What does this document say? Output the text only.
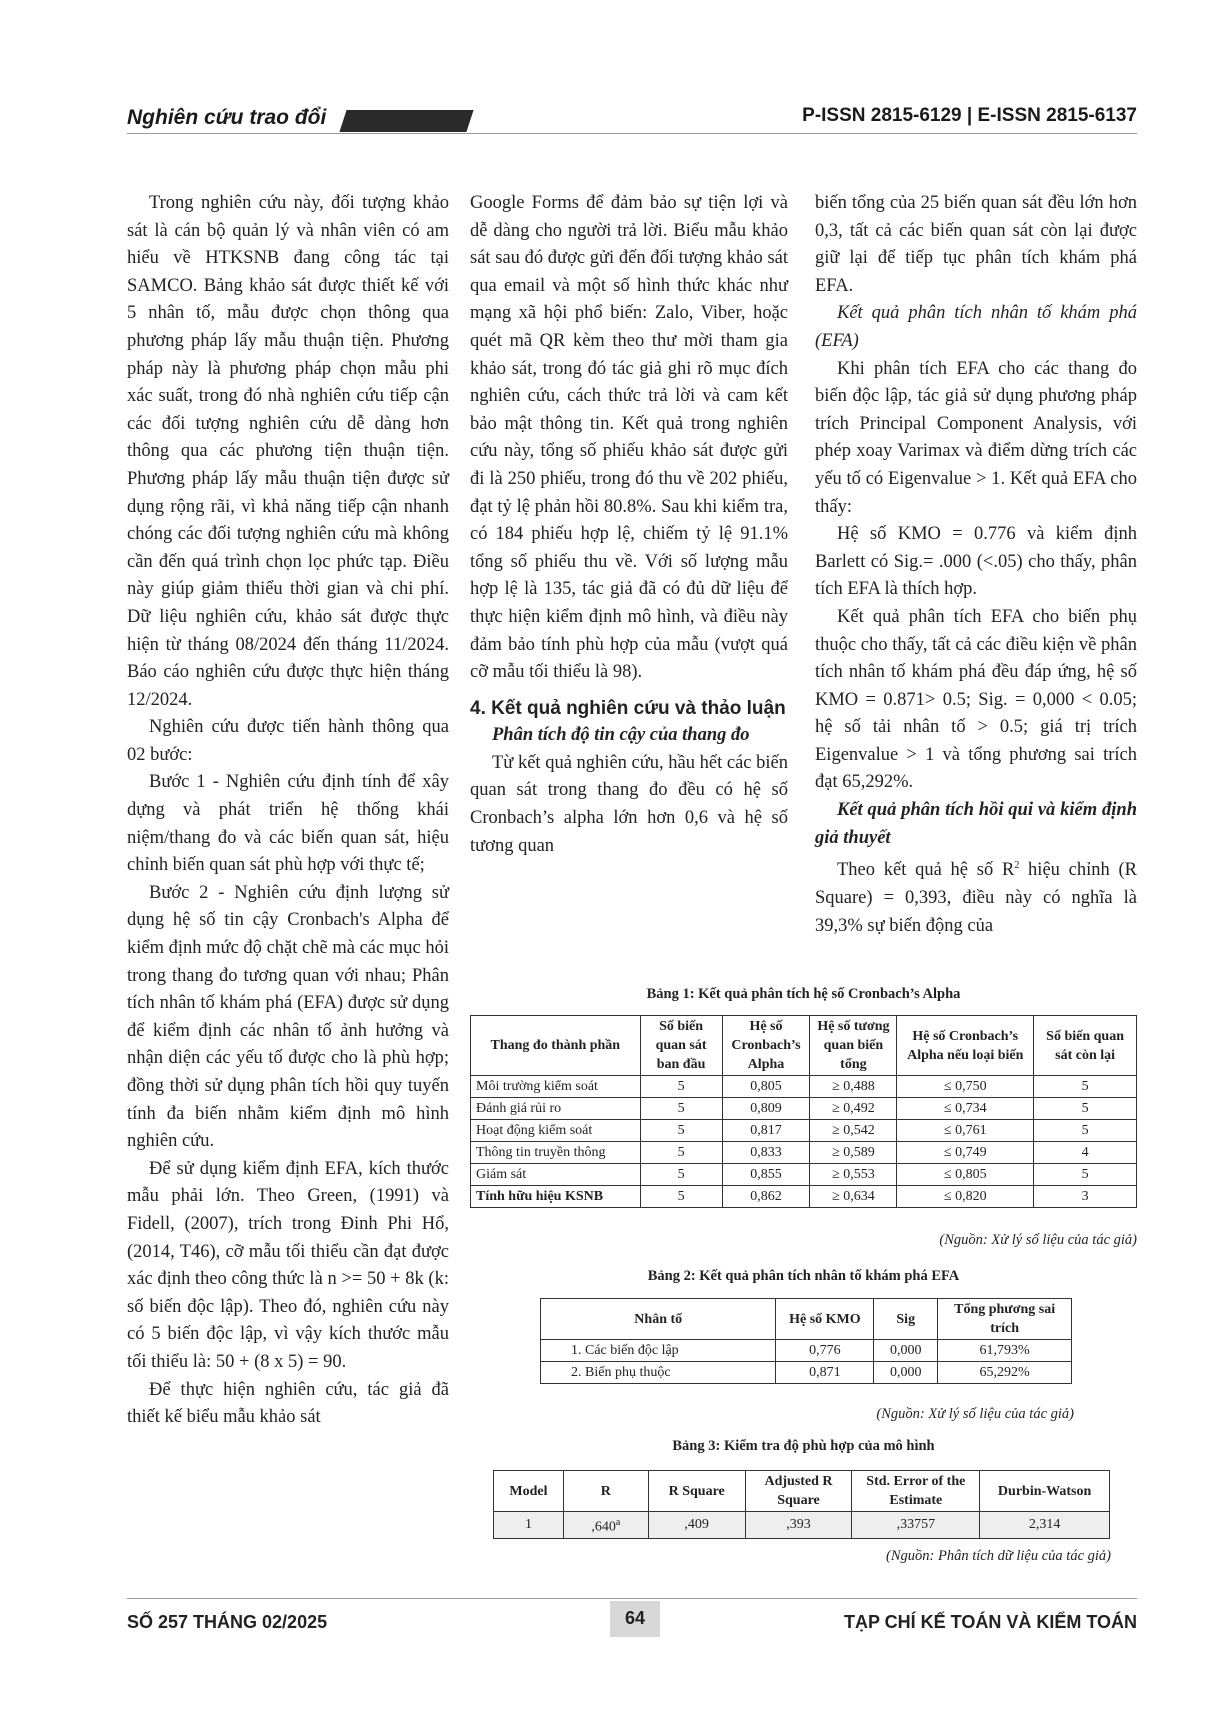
Nghiên cứu trao đổi	P-ISSN 2815-6129 | E-ISSN 2815-6137

Trong nghiên cứu này, đối tượng khảo sát là cán bộ quản lý và nhân viên có am hiểu về HTKSNB đang công tác tại SAMCO. Bảng khảo sát được thiết kế với 5 nhân tố, mẫu được chọn thông qua phương pháp lấy mẫu thuận tiện. Phương pháp này là phương pháp chọn mẫu phi xác suất, trong đó nhà nghiên cứu tiếp cận các đối tượng nghiên cứu dễ dàng hơn thông qua các phương tiện thuận tiện. Phương pháp lấy mẫu thuận tiện được sử dụng rộng rãi, vì khả năng tiếp cận nhanh chóng các đối tượng nghiên cứu mà không cần đến quá trình chọn lọc phức tạp. Điều này giúp giảm thiểu thời gian và chi phí. Dữ liệu nghiên cứu, khảo sát được thực hiện từ tháng 08/2024 đến tháng 11/2024. Báo cáo nghiên cứu được thực hiện tháng 12/2024.

Nghiên cứu được tiến hành thông qua 02 bước:

Bước 1 - Nghiên cứu định tính để xây dựng và phát triển hệ thống khái niệm/thang đo và các biến quan sát, hiệu chỉnh biến quan sát phù hợp với thực tế;

Bước 2 - Nghiên cứu định lượng sử dụng hệ số tin cậy Cronbach's Alpha để kiểm định mức độ chặt chẽ mà các mục hỏi trong thang đo tương quan với nhau; Phân tích nhân tố khám phá (EFA) được sử dụng để kiểm định các nhân tố ảnh hưởng và nhận diện các yếu tố được cho là phù hợp; đồng thời sử dụng phân tích hồi quy tuyến tính đa biến nhằm kiểm định mô hình nghiên cứu.

Để sử dụng kiểm định EFA, kích thước mẫu phải lớn. Theo Green, (1991) và Fidell, (2007), trích trong Đinh Phi Hổ, (2014, T46), cỡ mẫu tối thiểu cần đạt được xác định theo công thức là n >= 50 + 8k (k: số biến độc lập). Theo đó, nghiên cứu này có 5 biến độc lập, vì vậy kích thước mẫu tối thiểu là: 50 + (8 x 5) = 90.

Để thực hiện nghiên cứu, tác giả đã thiết kế biểu mẫu khảo sát

Google Forms để đảm bảo sự tiện lợi và dễ dàng cho người trả lời. Biểu mẫu khảo sát sau đó được gửi đến đối tượng khảo sát qua email và một số hình thức khác như mạng xã hội phổ biến: Zalo, Viber, hoặc quét mã QR kèm theo thư mời tham gia khảo sát, trong đó tác giả ghi rõ mục đích nghiên cứu, cách thức trả lời và cam kết bảo mật thông tin. Kết quả trong nghiên cứu này, tổng số phiếu khảo sát được gửi đi là 250 phiếu, trong đó thu về 202 phiếu, đạt tỷ lệ phản hồi 80.8%. Sau khi kiểm tra, có 184 phiếu hợp lệ, chiếm tỷ lệ 91.1% tổng số phiếu thu về. Với số lượng mẫu hợp lệ là 135, tác giả đã có đủ dữ liệu để thực hiện kiểm định mô hình, và điều này đảm bảo tính phù hợp của mẫu (vượt quá cỡ mẫu tối thiểu là 98).

4. Kết quả nghiên cứu và thảo luận

Phân tích độ tin cậy của thang đo

Từ kết quả nghiên cứu, hầu hết các biến quan sát trong thang đo đều có hệ số Cronbach’s alpha lớn hơn 0,6 và hệ số tương quan

biến tổng của 25 biến quan sát đều lớn hơn 0,3, tất cả các biến quan sát còn lại được giữ lại để tiếp tục phân tích khám phá EFA.

Kết quả phân tích nhân tố khám phá (EFA)

Khi phân tích EFA cho các thang đo biến độc lập, tác giả sử dụng phương pháp trích Principal Component Analysis, với phép xoay Varimax và điểm dừng trích các yếu tố có Eigenvalue > 1. Kết quả EFA cho thấy:

Hệ số KMO = 0.776 và kiểm định Barlett có Sig.= .000 (<.05) cho thấy, phân tích EFA là thích hợp.

Kết quả phân tích EFA cho biến phụ thuộc cho thấy, tất cả các điều kiện về phân tích nhân tố khám phá đều đáp ứng, hệ số KMO = 0.871> 0.5; Sig. = 0,000 < 0.05; hệ số tải nhân tố > 0.5; giá trị trích Eigenvalue > 1 và tổng phương sai trích đạt 65,292%.

Kết quả phân tích hồi qui và kiểm định giả thuyết

Theo kết quả hệ số $R^2$ hiệu chỉnh (R Square) = 0,393, điều này có nghĩa là 39,3% sự biến động của

Bảng 1: Kết quả phân tích hệ số Cronbach’s Alpha
Thang đo thành phần	Số biến quan sát ban đầu	Hệ số Cronbach’s Alpha	Hệ số tương quan biến tổng	Hệ số Cronbach’s Alpha nếu loại biến	Số biến quan sát còn lại
Môi trường kiểm soát	5	0,805	≥ 0,488	≤ 0,750	5
Đánh giá rủi ro	5	0,809	≥ 0,492	≤ 0,734	5
Hoạt động kiểm soát	5	0,817	≥ 0,542	≤ 0,761	5
Thông tin truyền thông	5	0,833	≥ 0,589	≤ 0,749	4
Giám sát	5	0,855	≥ 0,553	≤ 0,805	5
Tính hữu hiệu KSNB	5	0,862	≥ 0,634	≤ 0,820	3
(Nguồn: Xử lý số liệu của tác giả)
Bảng 2: Kết quả phân tích nhân tố khám phá EFA
Nhân tố	Hệ số KMO	Sig	Tổng phương sai trích
1. Các biến độc lập	0,776	0,000	61,793%
2. Biến phụ thuộc	0,871	0,000	65,292%
(Nguồn: Xử lý số liệu của tác giả)
Bảng 3: Kiểm tra độ phù hợp của mô hình
Model	R	R Square	Adjusted R Square	Std. Error of the Estimate	Durbin-Watson
1	,640$^a$	,409	,393	,33757	2,314
(Nguồn: Phân tích dữ liệu của tác giả)
SỐ 257 THÁNG 02/2025	64	TẠP CHÍ KẾ TOÁN VÀ KIỂM TOÁN
